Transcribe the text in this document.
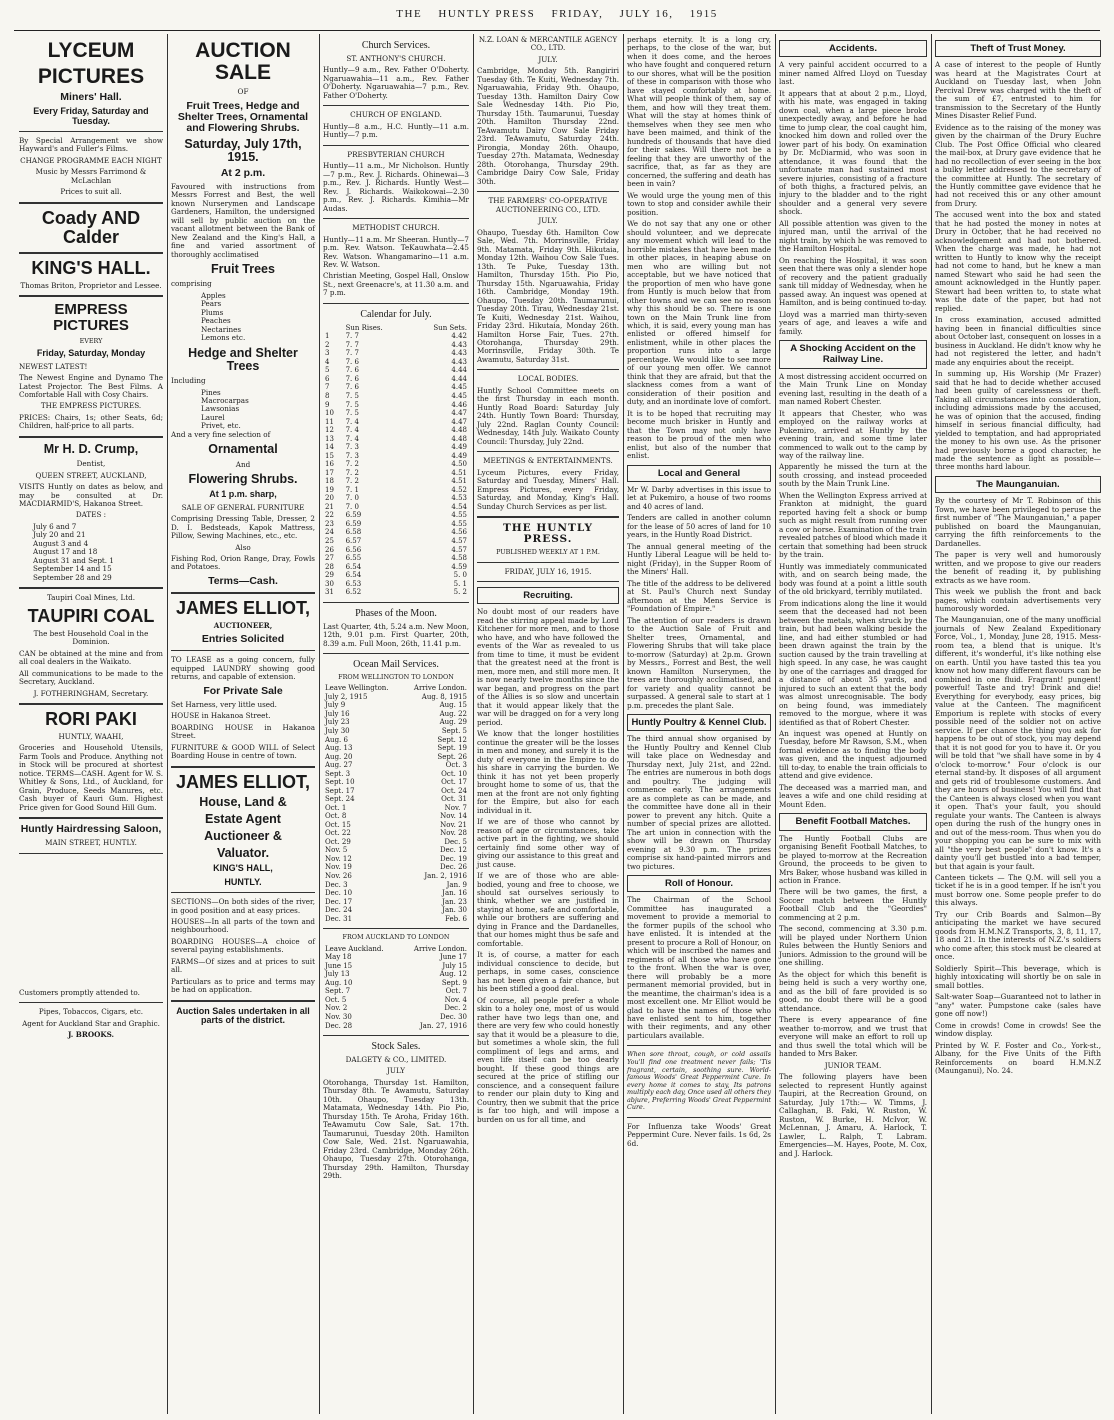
THE HUNTLY PRESS FRIDAY, JULY 16, 1915
LYCEUM
PICTURES
Miners' Hall.
Every Friday, Saturday and Tuesday.

By Special Arrangement we show Hayward's and Fuller's Films.

CHANGE PROGRAMME EACH NIGHT

Music by Messrs Farrimond & McLachlan

Prices to suit all.

Coady AND Calder
KING'S HALL.

Thomas Briton, Proprietor and Lessee.

EMPRESS PICTURES

EVERY

Friday, Saturday, Monday

NEWEST LATEST!

The Newest Engine and Dynamo The Latest Projector. The Best Films. A Comfortable Hall with Cosy Chairs.

THE EMPRESS PICTURES.

PRICES: Chairs, 1s; other Seats, 6d; Children, half-price to all parts.

Mr H. D. Crump,

Dentist,

QUEEN STREET, AUCKLAND,

VISITS Huntly on dates as below, and may be consulted at Dr. MACDIARMID'S, Hakanoa Street.

DATES :

July 6 and 7
July 20 and 21
August 3 and 4
August 17 and 18
August 31 and Sept. 1
September 14 and 15
September 28 and 29

Taupiri Coal Mines, Ltd.

TAUPIRI COAL

The best Household Coal in the Dominion.

CAN be obtained at the mine and from all coal dealers in the Waikato.

All communications to be made to the Secretary, Auckland.

J. FOTHERINGHAM, Secretary.

RORI PAKI

HUNTLY, WAAHI,

Groceries and Household Utensils, Farm Tools and Produce. Anything not in Stock will be procured at shortest notice. TERMS—CASH. Agent for W. S. Whitley & Sons, Ltd., of Auckland, for Grain, Produce, Seeds Manures, etc. Cash buyer of Kauri Gum. Highest Price given for Good Sound Hill Gum.

Huntly Hairdressing Saloon,

MAIN STREET, HUNTLY.

Customers promptly attended to.

Pipes, Tobaccos, Cigars, etc.

Agent for Auckland Star and Graphic.

J. BROOKS.

AUCTION SALE

OF

Fruit Trees, Hedge and Shelter Trees, Ornamental and Flowering Shrubs.
Saturday, July 17th, 1915.
At 2 p.m.

Favoured with instructions from Messrs Forrest and Best, the well known Nurserymen and Landscape Gardeners, Hamilton, the undersigned will sell by public auction on the vacant allotment between the Bank of New Zealand and the King's Hall, a fine and varied assortment of thoroughly acclimatised

Fruit Trees

comprising

Apples
Pears
Plums
Peaches
Nectarines
Lemons etc.
Hedge and Shelter Trees

Including

Pines
Macrocarpas
Lawsonias
Laurel
Privet, etc.

And a very fine selection of

Ornamental

And

Flowering Shrubs.
At 1 p.m. sharp,

SALE OF GENERAL FURNITURE

Comprising Dressing Table, Dresser, 2 D. I. Bedsteads, Kapok Mattress, Pillow, Sewing Machines, etc., etc.

Also

Fishing Rod, Orion Range, Dray, Fowls and Potatoes.

Terms—Cash.
JAMES ELLIOT,

AUCTIONEER,

Entries Solicited

TO LEASE as a going concern, fully equipped LAUNDRY showing good returns, and capable of extension.

For Private Sale

Set Harness, very little used.

HOUSE in Hakanoa Street.

BOARDING HOUSE in Hakanoa Street.

FURNITURE & GOOD WILL of Select Boarding House in centre of town.

JAMES ELLIOT,
House, Land &
Estate Agent
Auctioneer &
Valuator.
KING'S HALL,
HUNTLY.

SECTIONS—On both sides of the river, in good position and at easy prices.

HOUSES—In all parts of the town and neighbourhood.

BOARDING HOUSES—A choice of several paying establishments.

FARMS—Of sizes and at prices to suit all.

Particulars as to price and terms may be had on application.

Auction Sales undertaken in all parts of the district.
Church Services.

ST. ANTHONY'S CHURCH.

Huntly—9 a.m., Rev. Father O'Doherty. Ngaruawahia—11 a.m., Rev. Father O'Doherty. Ngaruawahia—7 p.m., Rev. Father O'Doherty.

CHURCH OF ENGLAND.

Huntly—8 a.m., H.C. Huntly—11 a.m. Huntly—7 p.m.

PRESBYTERIAN CHURCH

Huntly—11 a.m., Mr Nicholson. Huntly—7 p.m., Rev. J. Richards. Ohinewai—3 p.m., Rev. J. Richards. Huntly West—Rev. J. Richards. Waikokowai—2.30 p.m., Rev. J. Richards. Kimihia—Mr Audas.

METHODIST CHURCH.

Huntly—11 a.m. Mr Sheeran. Huntly—7 p.m. Rev. Watson. TeKauwhata—2.45 Rev. Watson. Whangamarino—11 a.m. Rev. W. Watson.

Christian Meeting, Gospel Hall, Onslow St., next Greenacre's, at 11.30 a.m. and 7 p.m.

Calendar for July.
	Sun Rises.	Sun Sets.
1	7. 7	4.42
2	7. 7	4.43
3	7. 7	4.43
4	7. 6	4.43
5	7. 6	4.44
6	7. 6	4.44
7	7. 6	4.45
8	7. 5	4.45
9	7. 5	4.46
10	7. 5	4.47
11	7. 4	4.47
12	7. 4	4.48
13	7. 4	4.48
14	7. 3	4.49
15	7. 3	4.49
16	7. 2	4.50
17	7. 2	4.51
18	7. 2	4.51
19	7. 1	4.52
20	7. 0	4.53
21	7. 0	4.54
22	6.59	4.55
23	6.59	4.55
24	6.58	4.56
25	6.57	4.57
26	6.56	4.57
27	6.55	4.58
28	6.54	4.59
29	6.54	5. 0
30	6.53	5. 1
31	6.52	5. 2
Phases of the Moon.

Last Quarter, 4th, 5.24 a.m. New Moon, 12th, 9.01 p.m. First Quarter, 20th, 8.39 a.m. Full Moon, 26th, 11.41 p.m.

Ocean Mail Services.

FROM WELLINGTON TO LONDON

Leave Wellington.	Arrive London.
July 2, 1915	Aug. 8, 1915
July 9	Aug. 15
July 16	Aug. 22
July 23	Aug. 29
July 30	Sept. 5
Aug. 6	Sept. 12
Aug. 13	Sept. 19
Aug. 20	Sept. 26
Aug. 27	Oct. 3
Sept. 3	Oct. 10
Sept. 10	Oct. 17
Sept. 17	Oct. 24
Sept. 24	Oct. 31
Oct. 1	Nov. 7
Oct. 8	Nov. 14
Oct. 15	Nov. 21
Oct. 22	Nov. 28
Oct. 29	Dec. 5
Nov. 5	Dec. 12
Nov. 12	Dec. 19
Nov. 19	Dec. 26
Nov. 26	Jan. 2, 1916
Dec. 3	Jan. 9
Dec. 10	Jan. 16
Dec. 17	Jan. 23
Dec. 24	Jan. 30
Dec. 31	Feb. 6

FROM AUCKLAND TO LONDON

Leave Auckland.	Arrive London.
May 18	June 17
June 15	July 15
July 13	Aug. 12
Aug. 10	Sept. 9
Sept. 7	Oct. 7
Oct. 5	Nov. 4
Nov. 2	Dec. 2
Nov. 30	Dec. 30
Dec. 28	Jan. 27, 1916
Stock Sales.

DALGETY & CO., LIMITED.

JULY

Otorohanga, Thursday 1st. Hamilton, Thursday 8th. Te Awamutu, Saturday 10th. Ohaupo, Tuesday 13th. Matamata, Wednesday 14th. Pio Pio, Thursday 15th. Te Aroha, Friday 16th. TeAwamutu Cow Sale, Sat. 17th. Taumarunui, Tuesday 20th. Hamilton Cow Sale, Wed. 21st. Ngaruawahia, Friday 23rd. Cambridge, Monday 26th. Ohaupo, Tuesday 27th. Otorohanga, Thursday 29th. Hamilton, Thursday 29th.

N.Z. LOAN & MERCANTILE AGENCY CO., LTD.

JULY.

Cambridge, Monday 5th. Rangiriri Tuesday 6th. Te Kuiti, Wednesday 7th. Ngaruawahia, Friday 9th. Ohaupo, Tuesday 13th. Hamilton Dairy Cow Sale Wednesday 14th. Pio Pio, Thursday 15th. Taumarunui, Tuesday 20th. Hamilton Thursday 22nd. TeAwamutu Dairy Cow Sale Friday 23rd. TeAwamutu, Saturday 24th. Pirongia, Monday 26th. Ohaupo, Tuesday 27th. Matamata, Wednesday 28th. Otorohanga, Thursday 29th. Cambridge Dairy Cow Sale, Friday 30th.

THE FARMERS' CO-OPERATIVE AUCTIONEERING CO., LTD.

JULY.

Ohaupo, Tuesday 6th. Hamilton Cow Sale, Wed. 7th. Morrinsville, Friday 9th. Matamata, Friday 9th. Hikutaia, Monday 12th. Waihou Cow Sale Tues. 13th. Te Puke, Tuesday 13th. Hamilton, Thursday 15th. Pio Pio, Thursday 15th. Ngaruawahia, Friday 16th. Cambridge, Monday 19th. Ohaupo, Tuesday 20th. Taumarunui, Tuesday 20th. Tirau, Wednesday 21st. Te Kuiti, Wednesday 21st. Waihou, Friday 23rd. Hikutaia, Monday 26th. Hamilton Horse Fair, Tues. 27th. Otorohanga, Thursday 29th. Morrinsville, Friday 30th. Te Awamutu, Saturday 31st.

LOCAL BODIES.

Huntly School Committee meets on the first Thursday in each month. Huntly Road Board: Saturday July 24th. Huntly Town Board: Thursday, July 22nd. Raglan County Council: Wednesday, 14th July. Waikato County Council: Thursday, July 22nd.

MEETINGS & ENTERTAINMENTS.

Lyceum Pictures, every Friday, Saturday and Tuesday, Miners' Hall. Empress Pictures, every Friday, Saturday, and Monday, King's Hall. Sunday Church Services as per list.

THE HUNTLY PRESS.

PUBLISHED WEEKLY AT 1 P.M.

FRIDAY, JULY 16, 1915.

Recruiting.

No doubt most of our readers have read the stirring appeal made by Lord Kitchener for more men, and to those who have, and who have followed the events of the War as revealed to us from time to time, it must be evident that the greatest need at the front is men, more men, and still more men. It is now nearly twelve months since the war began, and progress on the part of the Allies is so slow and uncertain that it would appear likely that the war will be dragged on for a very long period.

We know that the longer hostilities continue the greater will be the losses in men and money, and surely it is the duty of everyone in the Empire to do his share in carrying the burden. We think it has not yet been properly brought home to some of us, that the men at the front are not only fighting for the Empire, but also for each individual in it.

If we are of those who cannot by reason of age or circumstances, take active part in the fighting, we should certainly find some other way of giving our assistance to this great and just cause.

If we are of those who are able-bodied, young and free to choose, we should sat ourselves seriously to think, whether we are justified in staying at home, safe and comfortable, while our brothers are suffering and dying in France and the Dardanelles, that our homes might thus be safe and comfortable.

It is, of course, a matter for each individual conscience to decide, but perhaps, in some cases, conscience has not been given a fair chance, but his been stifled a good deal.

Of course, all people prefer a whole skin to a holey one, most of us would rather have two legs than one, and there are very few who could honestly say that it would be a pleasure to die, but sometimes a whole skin, the full compliment of legs and arms, and even life itself can be too dearly bought. If these good things are secured at the price of stifling our conscience, and a consequent failure to render our plain duty to King and Country, then we submit that the price is far too high, and will impose a burden on us for all time, and

perhaps eternity. It is a long cry, perhaps, to the close of the war, but when it does come, and the heroes who have fought and conquered return to our shores, what will be the position of these in comparison with those who have stayed comfortably at home. What will people think of them, say of them, and how will they treat them. What will the stay at homes think of themselves when they see men who have been maimed, and think of the hundreds of thousands that have died for their sakes. Will there not be a feeling that they are unworthy of the sacrifice, that, as far as they are concerned, the suffering and death has been in vain?

We would urge the young men of this town to stop and consider awhile their position.

We do not say that any one or other should volunteer, and we deprecate any movement which will lead to the horrible mistakes that have been made in other places, in heaping abuse on men who are willing but not acceptable, but we have noticed that the proportion of men who have gone from Huntly is much below that from other towns and we can see no reason why this should be so. There is one town on the Main Trunk line from which, it is said, every young man has enlisted or offered himself for enlistment, while in other places the proportion runs into a large percentage. We would like to see more of our young men offer. We cannot think that they are afraid, but that the slackness comes from a want of consideration of their position and duty, and an inordinate love of comfort.

It is to be hoped that recruiting may become much brisker in Huntly and that the Town may not only have reason to be proud of the men who enlist, but also of the number that enlist.

Local and General

Mr W. Darby advertises in this issue to let at Pukemiro, a house of two rooms and 40 acres of land.

Tenders are called in another column for the lease of 50 acres of land for 10 years, in the Huntly Road District.

The annual general meeting of the Huntly Liberal League will be held to-night (Friday), in the Supper Room of the Miners' Hall.

The title of the address to be delivered at St. Paul's Church next Sunday afternoon at the Mens Service is "Foundation of Empire."

The attention of our readers is drawn to the Auction Sale of Fruit and Shelter trees, Ornamental, and Flowering Shrubs that will take place to-morrow (Saturday) at 2p.m. Grown by Messrs., Forrest and Best, the well known Hamilton Nurserymen, the trees are thoroughly acclimatised, and for variety and quality cannot be surpassed. A general sale to start at 1 p.m. precedes the plant Sale.

Huntly Poultry & Kennel Club.

The third annual show organised by the Huntly Poultry and Kennel Club will take place on Wednesday and Thursday next, July 21st, and 22nd. The entries are numerous in both dogs and poultry. The judging will commence early. The arrangements are as complete as can be made, and the committee have done all in their power to prevent any hitch. Quite a number of special prizes are allotted. The art union in connection with the show will be drawn on Thursday evening at 9.30 p.m. The prizes comprise six hand-painted mirrors and two pictures.

Roll of Honour.

The Chairman of the School Committee has inaugurated a movement to provide a memorial to the former pupils of the school who have enlisted. It is intended at the present to procure a Roll of Honour, on which will be inscribed the names and regiments of all those who have gone to the front. When the war is over, there will probably be a more permanent memorial provided, but in the meantime, the chairman's idea is a most excellent one. Mr Elliot would be glad to have the names of those who have enlisted sent to him, together with their regiments, and any other particulars available.

When sore throat, cough, or cold assails You'll find one treatment never fails; 'Tis fragrant, certain, soothing sure. World-famous Woods' Great Peppermint Cure. In every home it comes to stay, Its patrons multiply each day, Once used all others they abjure, Preferring Woods' Great Peppermint Cure.

For Influenza take Woods' Great Peppermint Cure. Never fails. 1s 6d, 2s 6d.

Accidents.

A very painful accident occurred to a miner named Alfred Lloyd on Tuesday last.

It appears that at about 2 p.m., Lloyd, with his mate, was engaged in taking down coal, when a large piece broke unexpectedly away, and before he had time to jump clear, the coal caught him, knocked him down and rolled over the lower part of his body. On examination by Dr. McDiarmid, who was soon in attendance, it was found that the unfortunate man had sustained most severe injuries, consisting of a fracture of both thighs, a fractured pelvis, an injury to the bladder and to the right shoulder and a general very severe shock.

All possible attention was given to the injured man, until the arrival of the night train, by which he was removed to the Hamilton Hospital.

On reaching the Hospital, it was soon seen that there was only a slender hope of recovery and the patient gradually sank till midday of Wednesday, when he passed away. An inquest was opened at Hamilton, and is being continued to-day.

Lloyd was a married man thirty-seven years of age, and leaves a wife and family.

A Shocking Accident on the Railway Line.

A most distressing accident occurred on the Main Trunk Line on Monday evening last, resulting in the death of a man named Robert Chester.

It appears that Chester, who was employed on the railway works at Pukemiro, arrived at Huntly by the evening train, and some time later commenced to walk out to the camp by way of the railway line.

Apparently he missed the turn at the south crossing, and instead proceeded south by the Main Trunk Line.

When the Wellington Express arrived at Frankton at midnight, the guard reported having felt a shock or bump such as might result from running over a cow or horse. Examination of the train revealed patches of blood which made it certain that something had been struck by the train.

Huntly was immediately communicated with, and on search being made, the body was found at a point a little south of the old brickyard, terribly mutilated.

From indications along the line it would seem that the deceased had not been between the metals, when struck by the train, but had been walking beside the line, and had either stumbled or had been drawn against the train by the suction caused by the train travelling at high speed. In any case, he was caught by one of the carriages and dragged for a distance of about 35 yards, and injured to such an extent that the body was almost unrecognisable. The body on being found, was immediately removed to the morgue, where it was identified as that of Robert Chester.

An inquest was opened at Huntly on Tuesday, before Mr Rawson, S.M., when formal evidence as to finding the body was given, and the inquest adjourned till to-day, to enable the train officials to attend and give evidence.

The deceased was a married man, and leaves a wife and one child residing at Mount Eden.

Benefit Football Matches.

The Huntly Football Clubs are organising Benefit Football Matches, to be played to-morrow at the Recreation Ground, the proceeds to be given to Mrs Baker, whose husband was killed in action in France.

There will be two games, the first, a Soccer match between the Huntly Football Club and the "Geordies" commencing at 2 p.m.

The second, commencing at 3.30 p.m. will be played under Northern Union Rules between the Huntly Seniors and Juniors. Admission to the ground will be one shilling.

As the object for which this benefit is being held is such a very worthy one, and as the bill of fare provided is so good, no doubt there will be a good attendance.

There is every appearance of fine weather to-morrow, and we trust that everyone will make an effort to roll up and thus swell the total which will be handed to Mrs Baker.

JUNIOR TEAM.

The following players have been selected to represent Huntly against Taupiri, at the Recreation Ground, on Saturday, July 17th:— W. Timms, J. Callaghan, B. Faki, W. Ruston, W. Ruston, W. Burke, H. McIvor, W. McLennan, J. Amaru, A. Harlock, T. Lawler, L. Ralph, T. Labram. Emergencies—M. Hayes, Poote, M. Cox, and J. Harlock.

Theft of Trust Money.

A case of interest to the people of Huntly was heard at the Magistrates Court at Auckland on Tuesday last, when John Percival Drew was charged with the theft of the sum of £7, entrusted to him for transmission to the Secretary of the Huntly Mines Disaster Relief Fund.

Evidence as to the raising of the money was given by the chairman of the Drury Euchre Club. The Post Office Official who cleared the mail-box, at Drury gave evidence that he had no recollection of ever seeing in the box a bulky letter addressed to the secretary of the committee at Huntly. The secretary of the Huntly committee gave evidence that he had not received this or any other amount from Drury.

The accused went into the box and stated that he had posted the money in notes at Drury in October, that he had received no acknowledgement and had not bothered. When the charge was made, he had not written to Huntly to know why the receipt had not come to hand, but he knew a man named Stewart who said he had seen the amount acknowledged in the Huntly paper. Stewart had been written to, to state what was the date of the paper, but had not replied.

In cross examination, accused admitted having been in financial difficulties since about October last, consequent on losses in a business in Auckland. He didn't know why he had not registered the letter, and hadn't made any enquiries about the receipt.

In summing up, His Worship (Mr Frazer) said that he had to decide whether accused had been guilty of carelessness or theft. Taking all circumstances into consideration, including admissions made by the accused, he was of opinion that the accused, finding himself in serious financial difficulty, had yielded to temptation, and had appropriated the money to his own use. As the prisoner had previously borne a good character, he made the sentence as light as possible—three months hard labour.

The Maunganuian.

By the courtesy of Mr T. Robinson of this Town, we have been privileged to peruse the first number of "The Maunganuian," a paper published on board the Maunganuian, carrying the fifth reinforcements to the Dardanelles.

The paper is very well and humorously written, and we propose to give our readers the benefit of reading it, by publishing extracts as we have room.

This week we publish the front and back pages, which contain advertisements very humorously worded.

The Maunganuian, one of the many unofficial journals of New Zealand Expeditionary Force, Vol., 1, Monday, June 28, 1915. Mess-room tea, a blend that is unique. It's different, it's wonderful, it's like nothing else on earth. Until you have tasted this tea you know not how many different flavours can be combined in one fluid. Fragrant! pungent! powerful! Taste and try! Drink and die! Everything for everybody, easy prices, big value at the Canteen. The magnificent Emporium is replete with stocks of every possible need of the soldier not on active service. If per chance the thing you ask for happens to be out of stock, you may depend that it is not good for you to have it. Or you will be told that "we shall have some in by 4 o'clock to-morrow." Four o'clock is our eternal stand-by. It disposes of all argument and gets rid of troublesome customers. And they are hours of business! You will find that the Canteen is always closed when you want it open. That's your fault, you should regulate your wants. The Canteen is always open during the rush of the hungry ones in and out of the mess-room. Thus when you do your shopping you can be sure to mix with all "the very best people" don't know. It's a dainty you'll get bustled into a bad temper, but that again is your fault.

Canteen tickets — The Q.M. will sell you a ticket if he is in a good temper. If he isn't you must borrow one. Some people prefer to do this always.

Try our Crib Boards and Salmon—By anticipating the market we have secured goods from H.M.N.Z Transports, 3, 8, 11, 17, 18 and 21. In the interests of N.Z.'s soldiers who come after, this stock must be cleared at once.

Soldierly Spirit—This beverage, which is highly intoxicating will shortly be on sale in small bottles.

Salt-water Soap—Guaranteed not to lather in "any" water. Pumpstone cake (sales have gone off now!)

Come in crowds! Come in crowds! See the window display.

Printed by W. F. Foster and Co., York-st., Albany, for the Five Units of the Fifth Reinforcements on board H.M.N.Z (Maunganui), No. 24.
